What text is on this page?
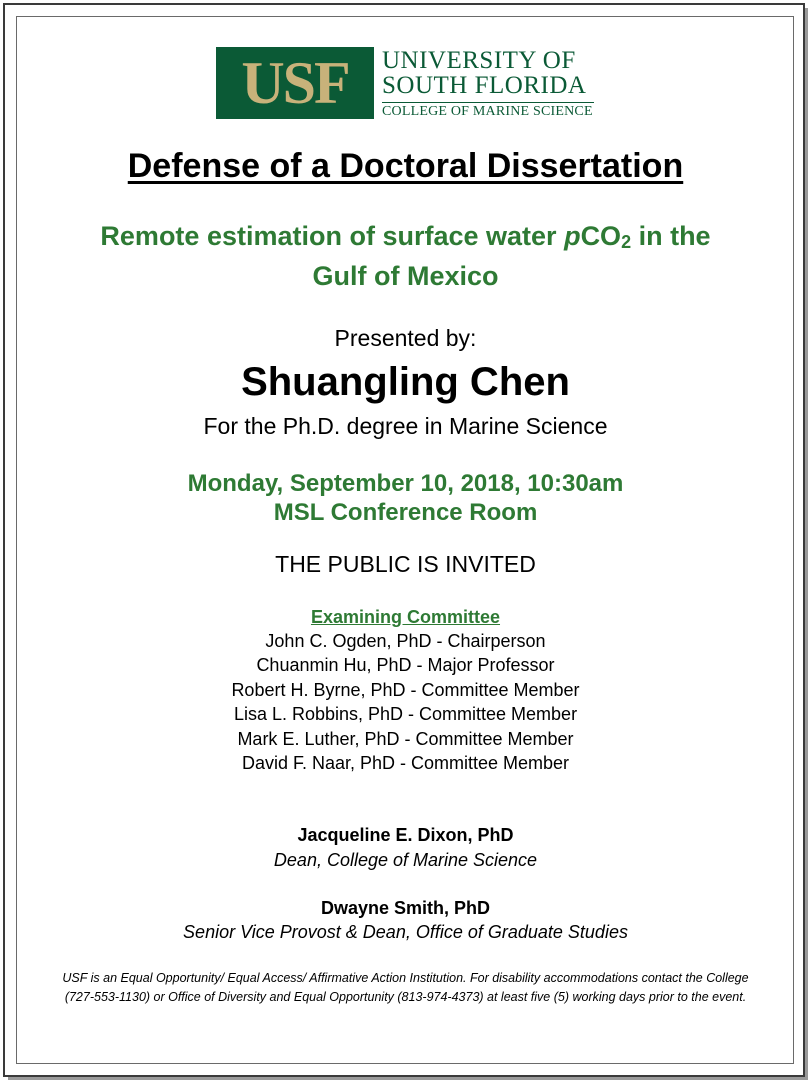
USF UNIVERSITY OF
SOUTH FLORIDA
COLLEGE OF MARINE SCIENCE
Defense of a Doctoral Dissertation
Remote estimation of surface water pCO$_2$ in the
Gulf of Mexico
Presented by:
Shuangling Chen
For the Ph.D. degree in Marine Science
Monday, September 10, 2018, 10:30am
MSL Conference Room
THE PUBLIC IS INVITED
Examining Committee
John C. Ogden, PhD - Chairperson
Chuanmin Hu, PhD - Major Professor
Robert H. Byrne, PhD - Committee Member
Lisa L. Robbins, PhD - Committee Member
Mark E. Luther, PhD - Committee Member
David F. Naar, PhD - Committee Member
Jacqueline E. Dixon, PhD
Dean, College of Marine Science
Dwayne Smith, PhD
Senior Vice Provost & Dean, Office of Graduate Studies
USF is an Equal Opportunity/ Equal Access/ Affirmative Action Institution. For disability accommodations contact the College
(727-553-1130) or Office of Diversity and Equal Opportunity (813-974-4373) at least five (5) working days prior to the event.
